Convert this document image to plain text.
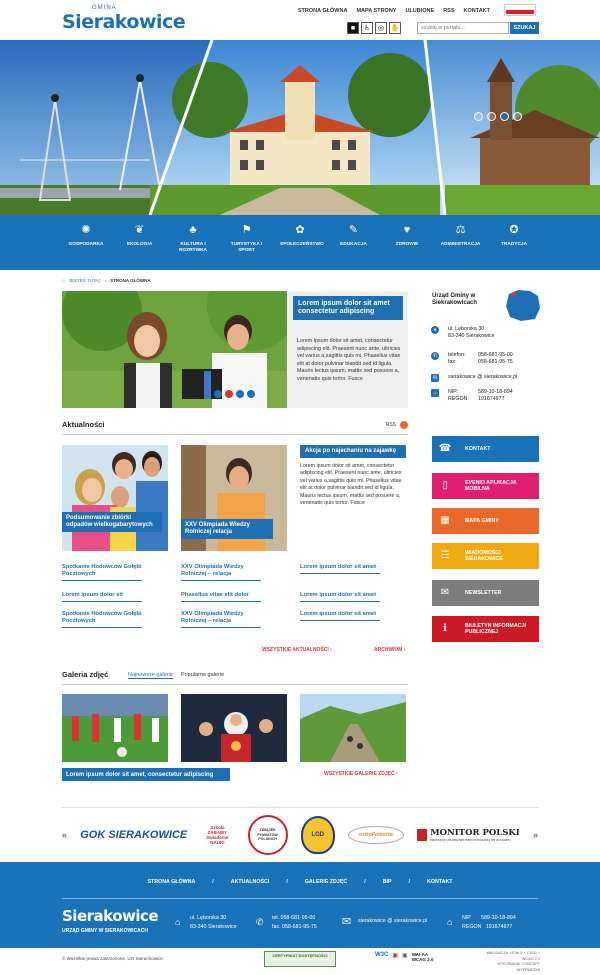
GMINA
Sierakowice	STRONA GŁÓWNA MAPA STRONY ULUBIONE RSS KONTAKT
■	♿	◎ ✋
szukaj w portalu...	SZUKAJ
✺
GOSPODARKA
❦
EKOLOGIA
♣
KULTURA I ROZRYWKA
⚑
TURYSTYKA I SPORT
✿
SPOŁECZEŃSTWO
✎
EDUKACJA
♥
ZDROWIE
⚖
ADMINISTRACJA
✪
TRADYCJA
⌂ JESTEŚ TUTAJ › STRONA GŁÓWNA
Lorem ipsum dolor sit amet consectetur adipiscing
Lorem ipsum dolor sit amet, consectetur adipiscing elit. Praesent nunc ante, ultricies vel varius a,sagittis quis mi. Phasellus vitae elit at dolor pulvinar blandit sed id ligula. Mauris lectus ipsum, mattis sed posuere a, venenatis quis tortor. Fusce
Urząd Gminy w Siekrakowicach
●	ul. Lęborska 30
83-340 Sierakowice
✆	telefon: 058-681-95-00
fax:	058-681-95-75
✉	sierakowice @ sierakowice.pl
⌂	NIP:	589-10-18-894
REGON: 191674977
☎	KONTAKT
▯	EVENIO APLIKACJA MOBILNA
▦	MAPA GMINY
☰	WIADOMOŚCI SIERAKOWICE
✉	NEWSLETTER
ℹ	BIULETYN INFORMACJI PUBLICZNEJ
Aktualności	RSS
Podsumowanie zbiórki odpadów wielkogabarytowych	XXV Olimpiada Wiedzy Rolniczej relacja
Akcja po najechaniu na zajawkę
Lorem ipsum dolor sit amet, consectetur adipiscing elit. Praesent nunc ante, ultricies vel varius a,sagittis quis mi. Phasellus vitae elit at dolor pulvinar blandit sed id ligula. Mauris lectus ipsum, mattis sed posuere a, venenatis quis tortor. Fusce
Spotkanie Hodowców Gołębi Pocztowych
Lorem ipsum dolor sit
Spotkanie Hodowców Gołębi Pocztowych
XXV Olimpiada Wiedzy Rolniczej – relacja
Phasellus vitae elit dolor
XXV Olimpiada Wiedzy Rolniczej – relacja
Lorem ipsum dolor sit amet
Lorem ipsum dolor sit amet
Lorem ipsum dolor sit amet
WSZYSTKIE AKTUALNOŚCI ›	ARCHIWUM ›
Galeria zdjęć	Najnowsze galerie Popularne galerie
Lorem ipsum dolor sit amet, consectetur adipiscing	WSZYSTKIE GALERIE ZDJĘĆ ›
« GOK SIERAKOWICE
Szkoła ZABAWY Świadome NAUKI
ZWIĄZEK POWIATÓW POLSKICH
LGD	ostroPomorza	MONITOR POLSKI
DZIENNIK URZĘDOWY RZECZYPOSPOLITEJ POLSKIEJ	»
STRONA GŁÓWNA	/	AKTUALNOŚCI	/	GALERIE ZDJĘĆ	/	BIP	/	KONTAKT
Sierakowice
URZĄD GMINY W SIERAKOWICACH
⌂	ul. Lęborska 30
83-340 Sierakowice ✆	tel. 058-681-95-00
fax. 058-681-95-75 ✉ sierakowice @ sierakowice.pl ⌂	NIP       589-10-18-894
REGON   191674977
© Wszelkie prawa zastrzeżone, UG Sierachowice
CERTYFIKAT DOSTĘPNOŚCI	W3C ▣ ▣ WAI-AA WCAG 2.0
WALIDACJA: HTML5 + CSS3 + WCAG 2.0
WYKONANIE CONCEPT INTERMEDIA
